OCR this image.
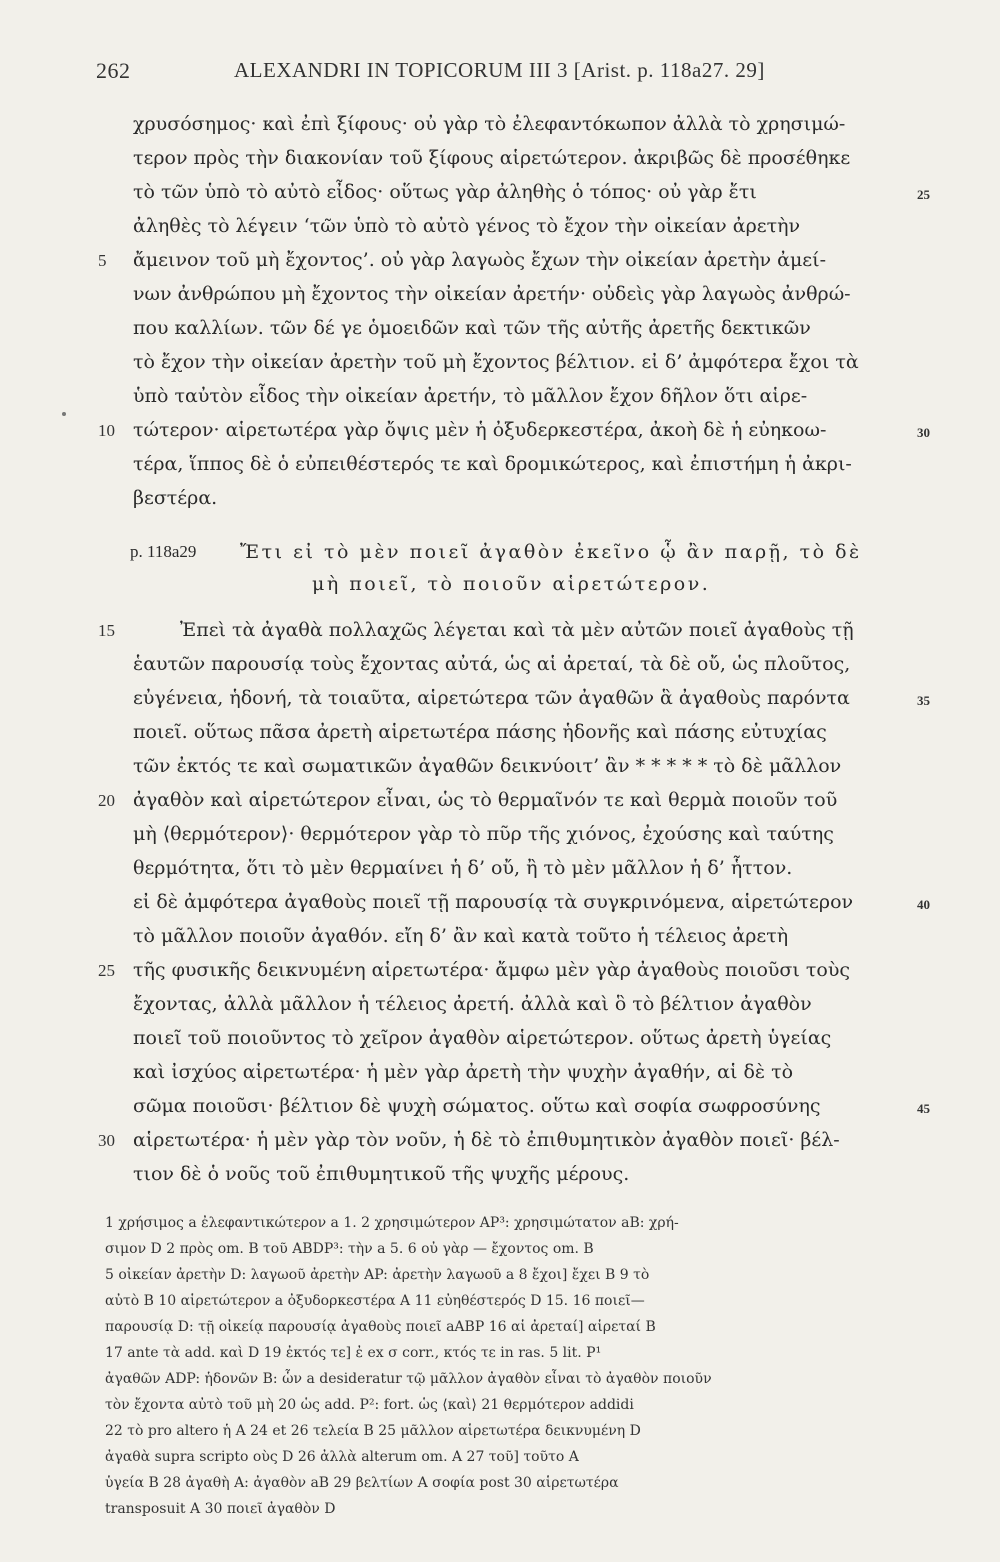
262	ALEXANDRI IN TOPICORUM III 3 [Arist. p. 118a27. 29]
χρυσόσημος· καὶ ἐπὶ ξίφους· οὐ γὰρ τὸ ἐλεφαντόκωπον ἀλλὰ τὸ χρησιμώ-
τερον πρὸς τὴν διακονίαν τοῦ ξίφους αἱρετώτερον. ἀκριβῶς δὲ προσέθηκε
τὸ τῶν ὑπὸ τὸ αὐτὸ εἶδος· οὕτως γὰρ ἀληθὴς ὁ τόπος· οὐ γὰρ ἔτι
ἀληθὲς τὸ λέγειν ‘τῶν ὑπὸ τὸ αὐτὸ γένος τὸ ἔχον τὴν οἰκείαν ἀρετὴν
ἄμεινον τοῦ μὴ ἔχοντος’. οὐ γὰρ λαγωὸς ἔχων τὴν οἰκείαν ἀρετὴν ἀμεί-
νων ἀνθρώπου μὴ ἔχοντος τὴν οἰκείαν ἀρετήν· οὐδεὶς γὰρ λαγωὸς ἀνθρώ-
που καλλίων. τῶν δέ γε ὁμοειδῶν καὶ τῶν τῆς αὐτῆς ἀρετῆς δεκτικῶν
τὸ ἔχον τὴν οἰκείαν ἀρετὴν τοῦ μὴ ἔχοντος βέλτιον. εἰ δ’ ἀμφότερα ἔχοι τὰ
ὑπὸ ταὐτὸν εἶδος τὴν οἰκείαν ἀρετήν, τὸ μᾶλλον ἔχον δῆλον ὅτι αἱρε-
τώτερον· αἱρετωτέρα γὰρ ὄψις μὲν ἡ ὀξυδερκεστέρα, ἀκοὴ δὲ ἡ εὐηκοω-
τέρα, ἵππος δὲ ὁ εὐπειθέστερός τε καὶ δρομικώτερος, καὶ ἐπιστήμη ἡ ἀκρι-
βεστέρα.
p. 118a29 Ἔτι εἰ τὸ μὲν ποιεῖ ἀγαθὸν ἐκεῖνο ᾧ ἂν παρῇ, τὸ δὲ
μὴ ποιεῖ, τὸ ποιοῦν αἱρετώτερον.
Ἐπεὶ τὰ ἀγαθὰ πολλαχῶς λέγεται καὶ τὰ μὲν αὐτῶν ποιεῖ ἀγαθοὺς τῇ
ἑαυτῶν παρουσίᾳ τοὺς ἔχοντας αὐτά, ὡς αἱ ἀρεταί, τὰ δὲ οὔ, ὡς πλοῦτος,
εὐγένεια, ἡδονή, τὰ τοιαῦτα, αἱρετώτερα τῶν ἀγαθῶν ἃ ἀγαθοὺς παρόντα
ποιεῖ. οὕτως πᾶσα ἀρετὴ αἱρετωτέρα πάσης ἡδονῆς καὶ πάσης εὐτυχίας
τῶν ἐκτός τε καὶ σωματικῶν ἀγαθῶν δεικνύοιτ’ ἂν * * * * * τὸ δὲ μᾶλλον
ἀγαθὸν καὶ αἱρετώτερον εἶναι, ὡς τὸ θερμαῖνόν τε καὶ θερμὰ ποιοῦν τοῦ
μὴ ⟨θερμότερον⟩· θερμότερον γὰρ τὸ πῦρ τῆς χιόνος, ἐχούσης καὶ ταύτης
θερμότητα, ὅτι τὸ μὲν θερμαίνει ἡ δ’ οὔ, ἢ τὸ μὲν μᾶλλον ἡ δ’ ἧττον.
εἰ δὲ ἀμφότερα ἀγαθοὺς ποιεῖ τῇ παρουσίᾳ τὰ συγκρινόμενα, αἱρετώτερον
τὸ μᾶλλον ποιοῦν ἀγαθόν. εἴη δ’ ἂν καὶ κατὰ τοῦτο ἡ τέλειος ἀρετὴ
τῆς φυσικῆς δεικνυμένη αἱρετωτέρα· ἄμφω μὲν γὰρ ἀγαθοὺς ποιοῦσι τοὺς
ἔχοντας, ἀλλὰ μᾶλλον ἡ τέλειος ἀρετή. ἀλλὰ καὶ ὃ τὸ βέλτιον ἀγαθὸν
ποιεῖ τοῦ ποιοῦντος τὸ χεῖρον ἀγαθὸν αἱρετώτερον. οὕτως ἀρετὴ ὑγείας
καὶ ἰσχύος αἱρετωτέρα· ἡ μὲν γὰρ ἀρετὴ τὴν ψυχὴν ἀγαθήν, αἱ δὲ τὸ
σῶμα ποιοῦσι· βέλτιον δὲ ψυχὴ σώματος. οὕτω καὶ σοφία σωφροσύνης
αἱρετωτέρα· ἡ μὲν γὰρ τὸν νοῦν, ἡ δὲ τὸ ἐπιθυμητικὸν ἀγαθὸν ποιεῖ· βέλ-
τιον δὲ ὁ νοῦς τοῦ ἐπιθυμητικοῦ τῆς ψυχῆς μέρους.
5
10
15
20
25
30
25
30
35
40
45
1 χρήσιμος a ἐλεφαντικώτερον a 1. 2 χρησιμώτερον AP³: χρησιμώτατον aB: χρή-
σιμον D 2 πρὸς om. B τοῦ ABDP³: τὴν a 5. 6 οὐ γὰρ — ἔχοντος om. B
5 οἰκείαν ἀρετὴν D: λαγωοῦ ἀρετὴν AP: ἀρετὴν λαγωοῦ a 8 ἔχοι] ἔχει B 9 τὸ
αὐτὸ B 10 αἱρετώτερον a ὀξυδορκεστέρα A 11 εὐηθέστερός D 15. 16 ποιεῖ—
παρουσίᾳ D: τῇ οἰκείᾳ παρουσίᾳ ἀγαθοὺς ποιεῖ aABP 16 αἱ ἀρεταί] αἱρεταί B
17 ante τὰ add. καὶ D 19 ἐκτός τε] ἐ ex σ corr., κτός τε in ras. 5 lit. P¹
ἀγαθῶν ADP: ἡδονῶν B: ὧν a desideratur τῷ μᾶλλον ἀγαθὸν εἶναι τὸ ἀγαθὸν ποιοῦν
τὸν ἔχοντα αὐτὸ τοῦ μὴ 20 ὡς add. P²: fort. ὡς ⟨καὶ⟩ 21 θερμότερον addidi
22 τὸ pro altero ἡ A 24 et 26 τελεία B 25 μᾶλλον αἱρετωτέρα δεικνυμένη D
ἀγαθὰ supra scripto οὺς D 26 ἀλλὰ alterum om. A 27 τοῦ] τοῦτο A
ὑγεία B 28 ἀγαθὴ A: ἀγαθὸν aB 29 βελτίων A σοφία post 30 αἱρετωτέρα
transposuit A 30 ποιεῖ ἀγαθὸν D
